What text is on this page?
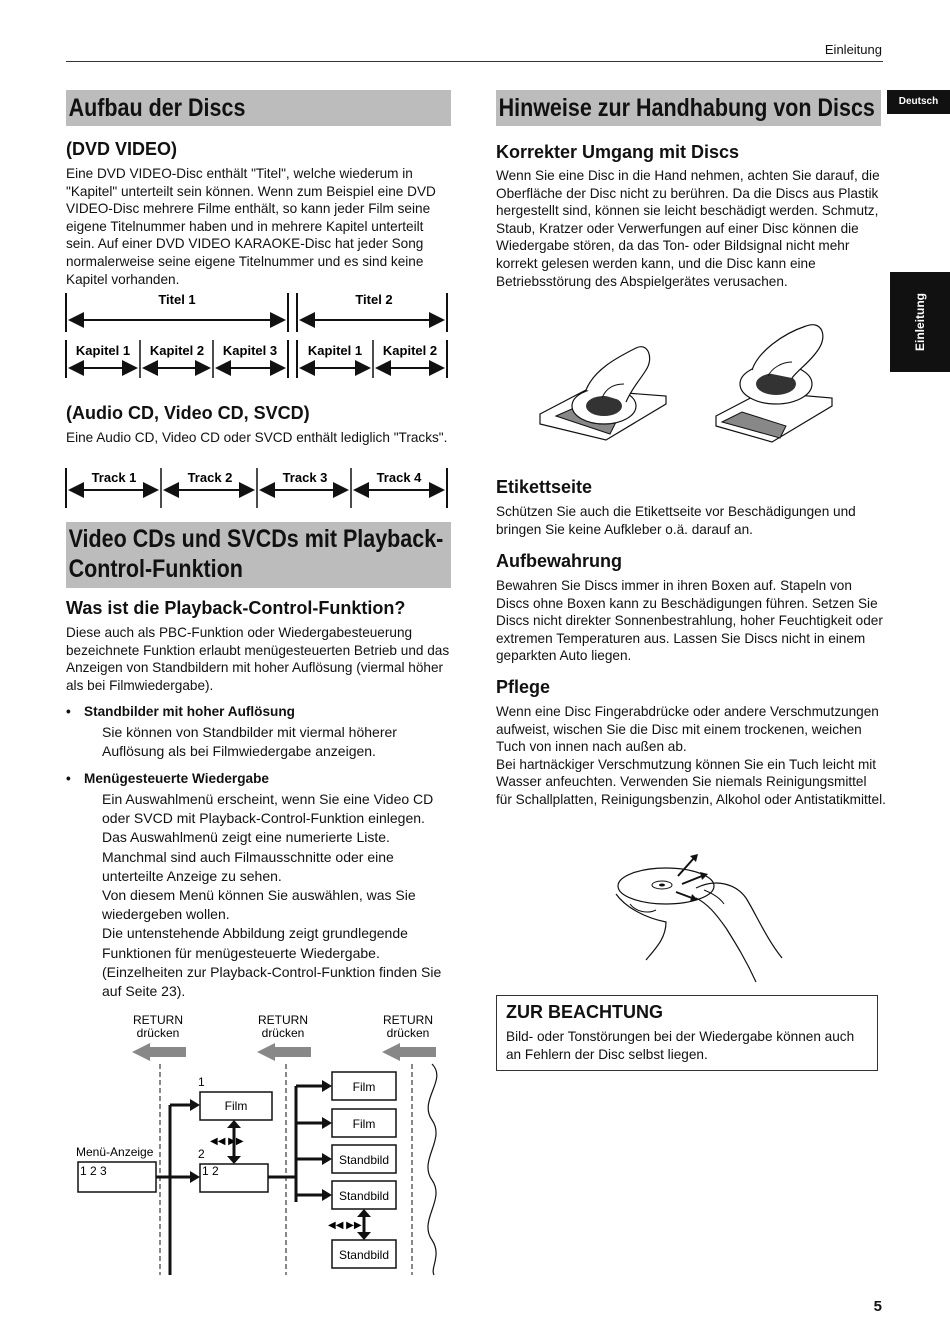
Einleitung
Deutsch
Einleitung
Aufbau der Discs
(DVD VIDEO)
Eine DVD VIDEO-Disc enthält "Titel", welche wiederum in "Kapitel" unterteilt sein können. Wenn zum Beispiel eine DVD VIDEO-Disc mehrere Filme enthält, so kann jeder Film seine eigene Titelnummer haben und in mehrere Kapitel unterteilt sein. Auf einer DVD VIDEO KARAOKE-Disc hat jeder Song normalerweise seine eigene Titelnummer und es sind keine Kapitel vorhanden.
Titel 1	Titel 2
Kapitel 1 Kapitel 2 Kapitel 3 Kapitel 1 Kapitel 2
(Audio CD, Video CD, SVCD)
Eine Audio CD, Video CD oder SVCD enthält lediglich "Tracks".
Track 1	Track 2	Track 3	Track 4
Video CDs und SVCDs mit Playback-
Control-Funktion
Was ist die Playback-Control-Funktion?
Diese auch als PBC-Funktion oder Wiedergabesteuerung bezeichnete Funktion erlaubt menügesteuerten Betrieb und das Anzeigen von Standbildern mit hoher Auflösung (viermal höher als bei Filmwiedergabe).
• Standbilder mit hoher Auflösung
Sie können von Standbilder mit viermal höherer Auflösung als bei Filmwiedergabe anzeigen.
• Menügesteuerte Wiedergabe
Ein Auswahlmenü erscheint, wenn Sie eine Video CD oder SVCD mit Playback-Control-Funktion einlegen. Das Auswahlmenü zeigt eine numerierte Liste. Manchmal sind auch Filmausschnitte oder eine unterteilte Anzeige zu sehen.
Von diesem Menü können Sie auswählen, was Sie wiedergeben wollen.
Die untenstehende Abbildung zeigt grundlegende Funktionen für menügesteuerte Wiedergabe.
(Einzelheiten zur Playback-Control-Funktion finden Sie auf Seite 23).
RETURN
drücken
RETURN
drücken
RETURN
drücken
Menü-Anzeige
1 2 3
1
Film
2
1 2
◀◀ ▶▶
Film
Film
Standbild
Standbild
◀◀ ▶▶
Standbild
Hinweise zur Handhabung von Discs
Korrekter Umgang mit Discs
Wenn Sie eine Disc in die Hand nehmen, achten Sie darauf, die Oberfläche der Disc nicht zu berühren. Da die Discs aus Plastik hergestellt sind, können sie leicht beschädigt werden. Schmutz, Staub, Kratzer oder Verwerfungen auf einer Disc können die Wiedergabe stören, da das Ton- oder Bildsignal nicht mehr korrekt gelesen werden kann, und die Disc kann eine Betriebsstörung des Abspielgerätes verusachen.
Etikettseite
Schützen Sie auch die Etikettseite vor Beschädigungen und bringen Sie keine Aufkleber o.ä. darauf an.
Aufbewahrung
Bewahren Sie Discs immer in ihren Boxen auf. Stapeln von Discs ohne Boxen kann zu Beschädigungen führen. Setzen Sie Discs nicht direkter Sonnenbestrahlung, hoher Feuchtigkeit oder extremen Temperaturen aus. Lassen Sie Discs nicht in einem geparkten Auto liegen.
Pflege
Wenn eine Disc Fingerabdrücke oder andere Verschmutzungen aufweist, wischen Sie die Disc mit einem trockenen, weichen Tuch von innen nach außen ab.
Bei hartnäckiger Verschmutzung können Sie ein Tuch leicht mit Wasser anfeuchten. Verwenden Sie niemals Reinigungsmittel für Schallplatten, Reinigungsbenzin, Alkohol oder Antistatikmittel.
ZUR BEACHTUNG
Bild- oder Tonstörungen bei der Wiedergabe können auch an Fehlern der Disc selbst liegen.
5
